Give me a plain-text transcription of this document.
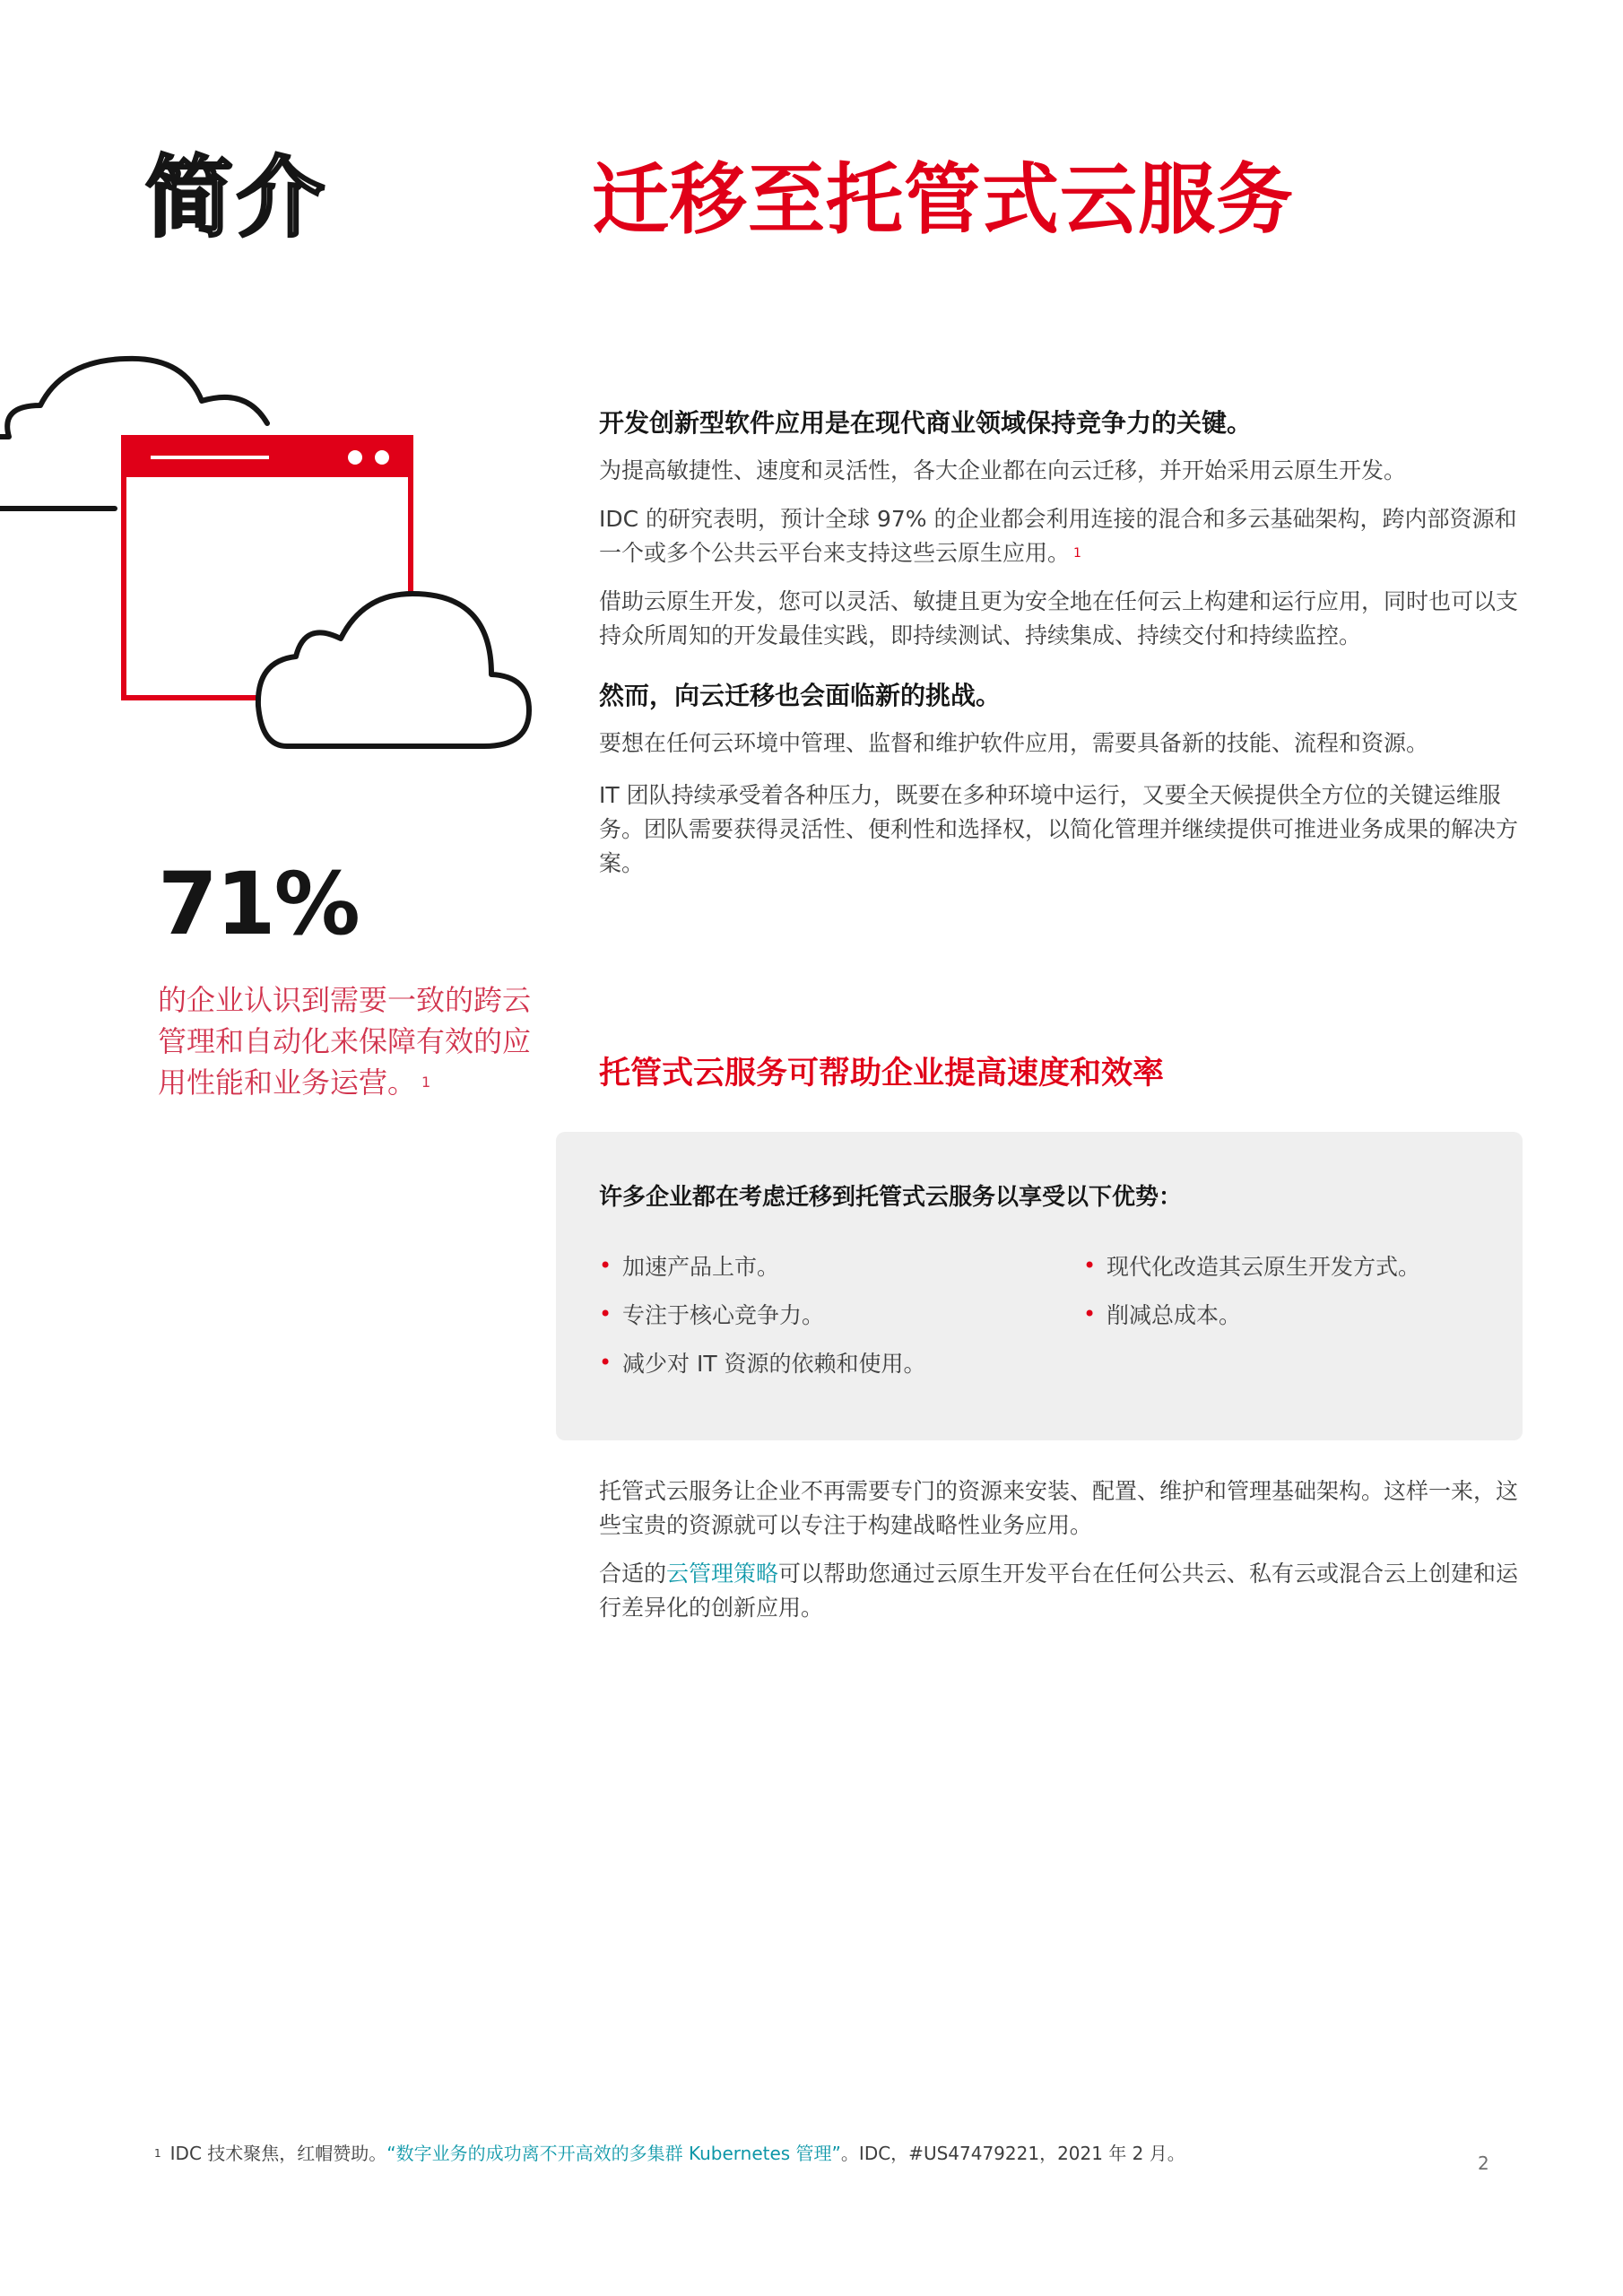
简介	迁移至托管式云服务
71%
的企业认识到需要一致的跨云管理和自动化来保障有效的应用性能和业务运营。 $^1$
开发创新型软件应用是在现代商业领域保持竞争力的关键。
为提高敏捷性、速度和灵活性，各大企业都在向云迁移，并开始采用云原生开发。
IDC 的研究表明，预计全球 97% 的企业都会利用连接的混合和多云基础架构，跨内部资源和一个或多个公共云平台来支持这些云原生应用。 $^1$
借助云原生开发，您可以灵活、敏捷且更为安全地在任何云上构建和运行应用，同时也可以支持众所周知的开发最佳实践，即持续测试、持续集成、持续交付和持续监控。
然而，向云迁移也会面临新的挑战。
要想在任何云环境中管理、监督和维护软件应用，需要具备新的技能、流程和资源。
IT 团队持续承受着各种压力，既要在多种环境中运行，又要全天候提供全方位的关键运维服务。团队需要获得灵活性、便利性和选择权，以简化管理并继续提供可推进业务成果的解决方案。
托管式云服务可帮助企业提高速度和效率
许多企业都在考虑迁移到托管式云服务以享受以下优势：
• 加速产品上市。	• 现代化改造其云原生开发方式。
• 专注于核心竞争力。	• 削减总成本。
• 减少对 IT 资源的依赖和使用。
托管式云服务让企业不再需要专门的资源来安装、配置、维护和管理基础架构。这样一来，这些宝贵的资源就可以专注于构建战略性业务应用。
合适的云管理策略可以帮助您通过云原生开发平台在任何公共云、私有云或混合云上创建和运行差异化的创新应用。
$^1$ IDC 技术聚焦，红帽赞助。“数字业务的成功离不开高效的多集群 Kubernetes 管理”。IDC，#US47479221，2021 年 2 月。	2
